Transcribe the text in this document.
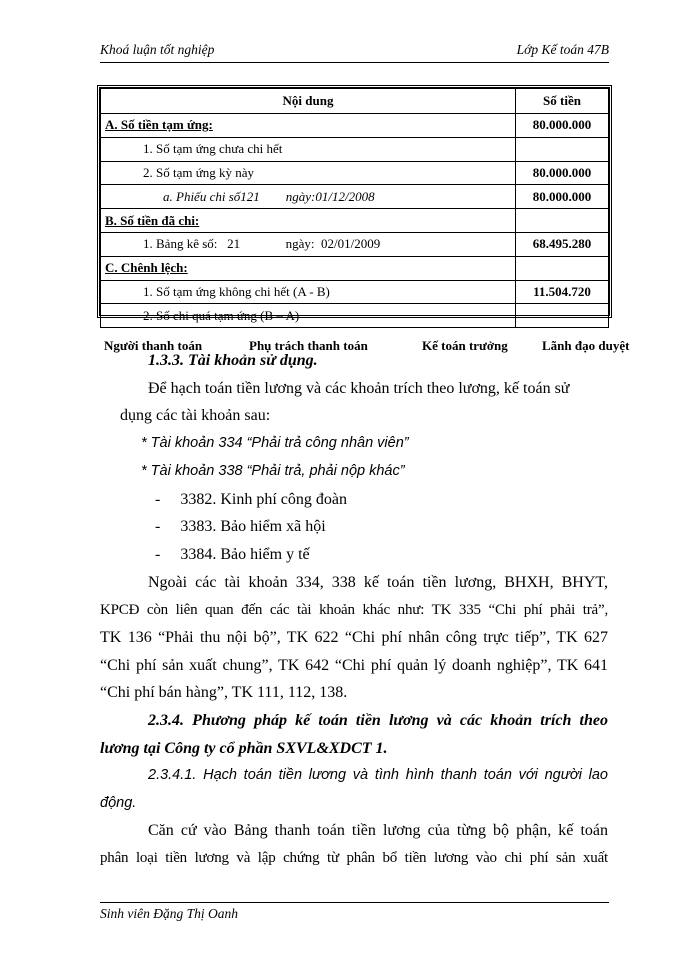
Khoá luận tốt nghiệp	Lớp Kế toán 47B
Nội dung	Số tiền
A. Số tiền tạm ứng:	80.000.000
1. Số tạm ứng chưa chi hết	
2. Số tạm ứng kỳ này	80.000.000
a. Phiếu chi số121        ngày:01/12/2008	80.000.000
B. Số tiền đã chi:	
1. Bảng kê số:   21              ngày:  02/01/2009	68.495.280
C. Chênh lệch:	
1. Số tạm ứng không chi hết (A - B)	11.504.720
2. Số chi quá tạm ứng (B – A)	
Người thanh toán	Phụ trách thanh toán	Kế toán trưởng	Lãnh đạo duyệt
1.3.3. Tài khoản sử dụng.
Để hạch toán tiền lương và các khoản trích theo lương, kế toán sử
dụng các tài khoản sau:
* Tài khoản 334 “Phải trả công nhân viên”
* Tài khoản 338 “Phải trả, phải nộp khác”
-     3382. Kinh phí công đoàn
-     3383. Bảo hiểm xã hội
-     3384. Bảo hiểm y tế
Ngoài các tài khoản 334, 338 kế toán tiền lương, BHXH, BHYT,
KPCĐ còn liên quan đến các tài khoản khác như: TK 335 “Chi phí phải trả”,
TK 136 “Phải thu nội bộ”, TK 622 “Chi phí nhân công trực tiếp”, TK 627
“Chi phí sản xuất chung”, TK 642 “Chi phí quản lý doanh nghiệp”, TK 641
“Chi phí bán hàng”, TK 111, 112, 138.
2.3.4. Phương pháp kế toán tiền lương và các khoản trích theo
lương tại Công ty cổ phần SXVL&XDCT 1.
2.3.4.1. Hạch toán tiền lương và tình hình thanh toán với người lao
động.
Căn cứ vào Bảng thanh toán tiền lương của từng bộ phận, kế toán
phân loại tiền lương và lập chứng từ phân bổ tiền lương vào chi phí sản xuất
Sinh viên Đặng Thị Oanh
